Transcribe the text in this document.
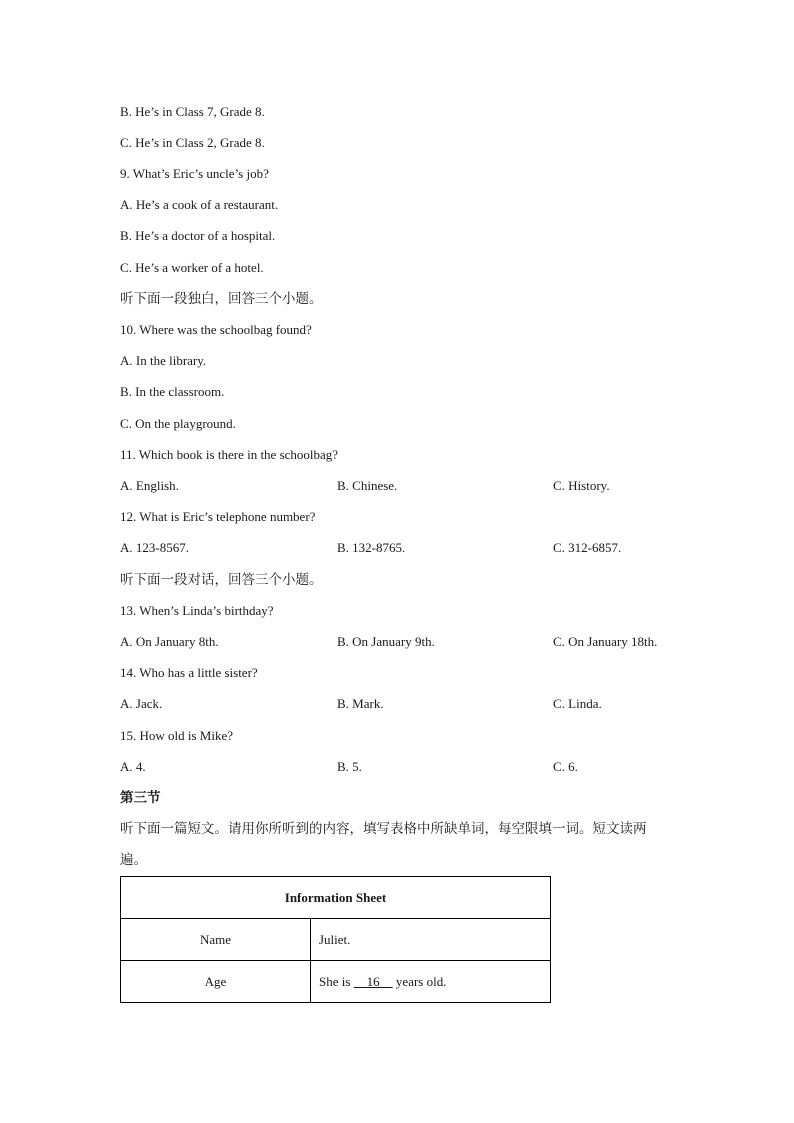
B. He’s in Class 7, Grade 8.
C. He’s in Class 2, Grade 8.
9. What’s Eric’s uncle’s job?
A. He’s a cook of a restaurant.
B. He’s a doctor of a hospital.
C. He’s a worker of a hotel.
听下面一段独白，回答三个小题。
10. Where was the schoolbag found?
A. In the library.
B. In the classroom.
C. On the playground.
11. Which book is there in the schoolbag?
A. English.	B. Chinese.	C. History.
12. What is Eric’s telephone number?
A. 123-8567.	B. 132-8765.	C. 312-6857.
听下面一段对话，回答三个小题。
13. When’s Linda’s birthday?
A. On January 8th.	B. On January 9th.	C. On January 18th.
14. Who has a little sister?
A. Jack.	B. Mark.	C. Linda.
15. How old is Mike?
A. 4.	B. 5.	C. 6.
第三节
听下面一篇短文。请用你所听到的内容，填写表格中所缺单词，每空限填一词。短文读两
遍。
Information Sheet	
Name	Juliet.
Age	She is     16     years old.
